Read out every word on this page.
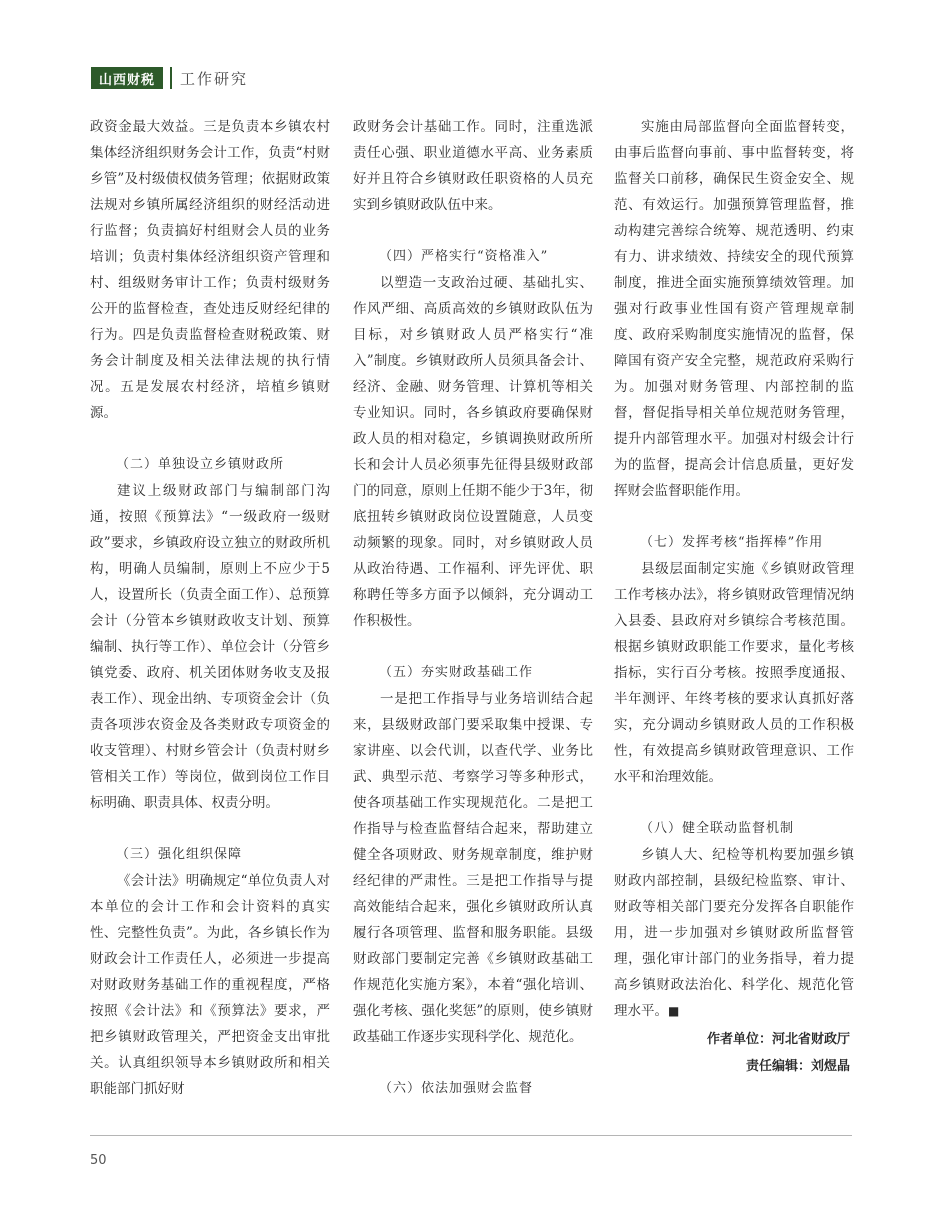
山西财税	工作研究

政资金最大效益。三是负责本乡镇农村集体经济组织财务会计工作，负责“村财乡管”及村级债权债务管理；依据财政策法规对乡镇所属经济组织的财经活动进行监督；负责搞好村组财会人员的业务培训；负责村集体经济组织资产管理和村、组级财务审计工作；负责村级财务公开的监督检查，查处违反财经纪律的行为。四是负责监督检查财税政策、财务会计制度及相关法律法规的执行情况。五是发展农村经济，培植乡镇财源。

（二）单独设立乡镇财政所

建议上级财政部门与编制部门沟通，按照《预算法》“一级政府一级财政”要求，乡镇政府设立独立的财政所机构，明确人员编制，原则上不应少于5人，设置所长（负责全面工作）、总预算会计（分管本乡镇财政收支计划、预算编制、执行等工作）、单位会计（分管乡镇党委、政府、机关团体财务收支及报表工作）、现金出纳、专项资金会计（负责各项涉农资金及各类财政专项资金的收支管理）、村财乡管会计（负责村财乡管相关工作）等岗位，做到岗位工作目标明确、职责具体、权责分明。

（三）强化组织保障

《会计法》明确规定“单位负责人对本单位的会计工作和会计资料的真实性、完整性负责”。为此，各乡镇长作为财政会计工作责任人，必须进一步提高对财政财务基础工作的重视程度，严格按照《会计法》和《预算法》要求，严把乡镇财政管理关，严把资金支出审批关。认真组织领导本乡镇财政所和相关职能部门抓好财

政财务会计基础工作。同时，注重选派责任心强、职业道德水平高、业务素质好并且符合乡镇财政任职资格的人员充实到乡镇财政队伍中来。

（四）严格实行“资格准入”

以塑造一支政治过硬、基础扎实、作风严细、高质高效的乡镇财政队伍为目标，对乡镇财政人员严格实行“准入”制度。乡镇财政所人员须具备会计、经济、金融、财务管理、计算机等相关专业知识。同时，各乡镇政府要确保财政人员的相对稳定，乡镇调换财政所所长和会计人员必须事先征得县级财政部门的同意，原则上任期不能少于3年，彻底扭转乡镇财政岗位设置随意，人员变动频繁的现象。同时，对乡镇财政人员从政治待遇、工作福利、评先评优、职称聘任等多方面予以倾斜，充分调动工作积极性。

（五）夯实财政基础工作

一是把工作指导与业务培训结合起来，县级财政部门要采取集中授课、专家讲座、以会代训，以查代学、业务比武、典型示范、考察学习等多种形式，使各项基础工作实现规范化。二是把工作指导与检查监督结合起来，帮助建立健全各项财政、财务规章制度，维护财经纪律的严肃性。三是把工作指导与提高效能结合起来，强化乡镇财政所认真履行各项管理、监督和服务职能。县级财政部门要制定完善《乡镇财政基础工作规范化实施方案》，本着“强化培训、强化考核、强化奖惩”的原则，使乡镇财政基础工作逐步实现科学化、规范化。

（六）依法加强财会监督

实施由局部监督向全面监督转变，由事后监督向事前、事中监督转变，将监督关口前移，确保民生资金安全、规范、有效运行。加强预算管理监督，推动构建完善综合统筹、规范透明、约束有力、讲求绩效、持续安全的现代预算制度，推进全面实施预算绩效管理。加强对行政事业性国有资产管理规章制度、政府采购制度实施情况的监督，保障国有资产安全完整，规范政府采购行为。加强对财务管理、内部控制的监督，督促指导相关单位规范财务管理，提升内部管理水平。加强对村级会计行为的监督，提高会计信息质量，更好发挥财会监督职能作用。

（七）发挥考核“指挥棒”作用

县级层面制定实施《乡镇财政管理工作考核办法》，将乡镇财政管理情况纳入县委、县政府对乡镇综合考核范围。根据乡镇财政职能工作要求，量化考核指标，实行百分考核。按照季度通报、半年测评、年终考核的要求认真抓好落实，充分调动乡镇财政人员的工作积极性，有效提高乡镇财政管理意识、工作水平和治理效能。

（八）健全联动监督机制

乡镇人大、纪检等机构要加强乡镇财政内部控制，县级纪检监察、审计、财政等相关部门要充分发挥各自职能作用，进一步加强对乡镇财政所监督管理，强化审计部门的业务指导，着力提高乡镇财政法治化、科学化、规范化管理水平。■

作者单位：河北省财政厅
责任编辑：刘煜晶
50
